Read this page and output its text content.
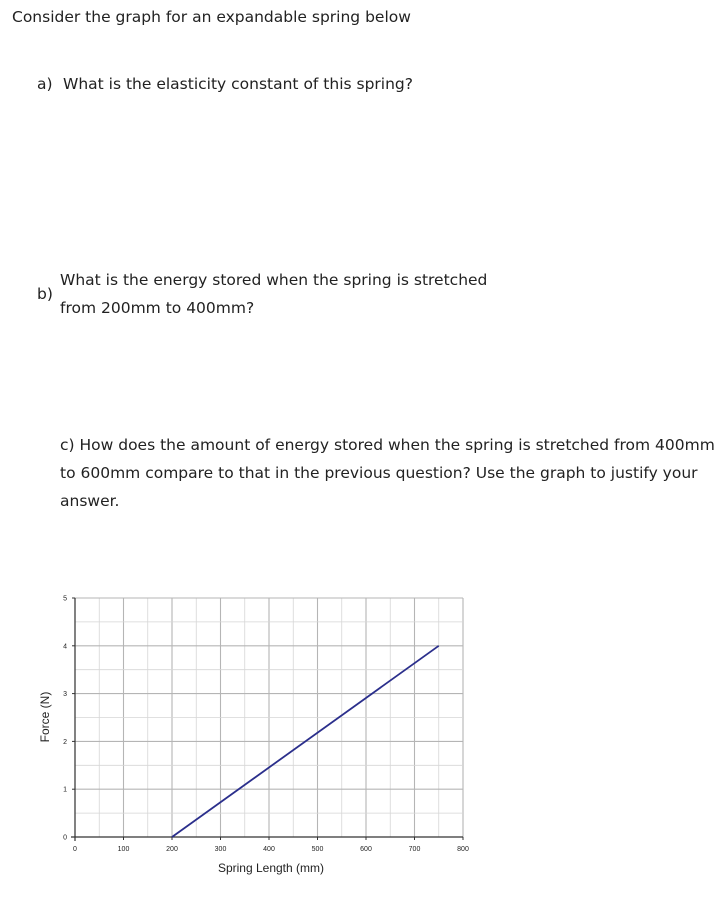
Consider the graph for an expandable spring below
a) What is the elasticity constant of this spring?
b)
What is the energy stored when the spring is stretched
from 200mm to 400mm?
c) How does the amount of energy stored when the spring is stretched from 400mm to 600mm compare to that in the previous question? Use the graph to justify your answer.
0	100	200	300	400	500	600	700	800
0
1
2
3
4
5
Spring Length (mm)
Force (N)
